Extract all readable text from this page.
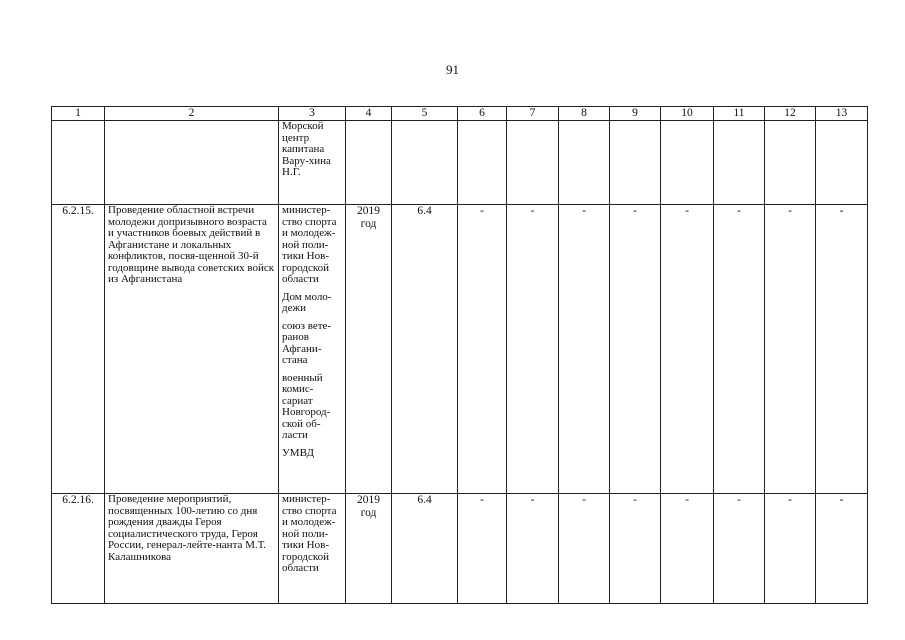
91
1	2	3	4	5	6	7	8	9	10	11	12	13

		Морской центр капитана Вару-хина Н.Г.										

6.2.15.	Проведение областной встречи молодежи допризывного возраста и участников боевых действий в Афганистане и локальных конфликтов, посвя-щенной 30-й годовщине вывода советских войск из Афганистана	министер-ство спорта и молодеж-ной поли-тики Нов-городской области
Дом моло-дежи
союз вете-ранов Афгани-стана
военный комис-сариат Новгород-ской об-ласти
УМВД	2019 год	6.4	-	-	-	-	-	-	-	-
6.2.16.	Проведение мероприятий, посвященных 100-летию со дня рождения дважды Героя социалистического труда, Героя России, генерал-лейте-нанта М.Т. Калашникова	министер-ство спорта и молодеж-ной поли-тики Нов-городской области	2019 год	6.4	-	-	-	-	-	-	-	-
